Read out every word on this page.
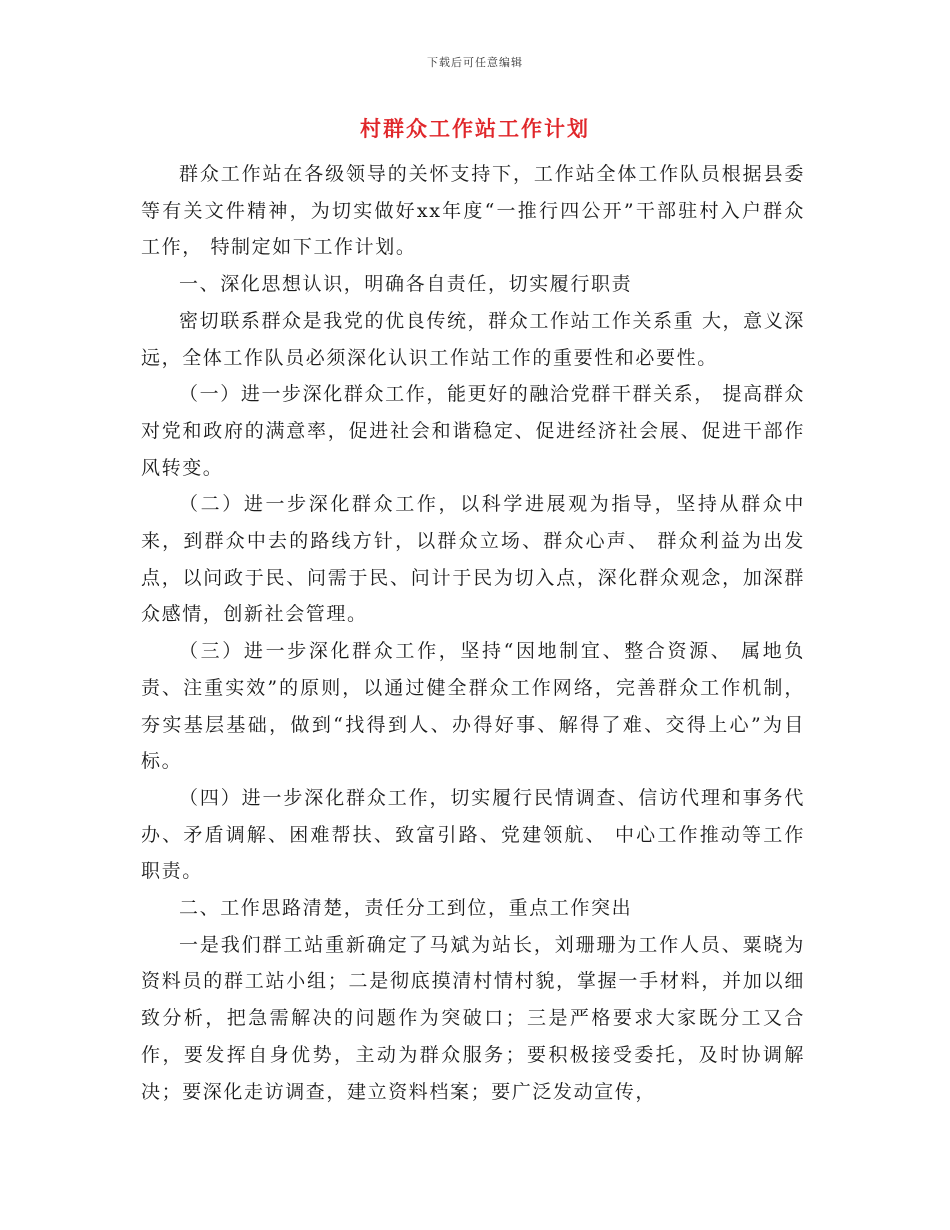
下载后可任意编辑
村群众工作站工作计划

群众工作站在各级领导的关怀支持下，工作站全体工作队员根据县委等有关文件精神，为切实做好xx年度“一推行四公开”干部驻村入户群众工作， 特制定如下工作计划。

一、深化思想认识，明确各自责任，切实履行职责

密切联系群众是我党的优良传统，群众工作站工作关系重 大，意义深远，全体工作队员必须深化认识工作站工作的重要性和必要性。

（一）进一步深化群众工作，能更好的融洽党群干群关系， 提高群众对党和政府的满意率，促进社会和谐稳定、促进经济社会展、促进干部作风转变。

（二）进一步深化群众工作，以科学进展观为指导，坚持从群众中来，到群众中去的路线方针，以群众立场、群众心声、 群众利益为出发点，以问政于民、问需于民、问计于民为切入点，深化群众观念，加深群众感情，创新社会管理。

（三）进一步深化群众工作，坚持“因地制宜、整合资源、 属地负责、注重实效”的原则，以通过健全群众工作网络，完善群众工作机制，夯实基层基础，做到“找得到人、办得好事、解得了难、交得上心”为目标。

（四）进一步深化群众工作，切实履行民情调查、信访代理和事务代办、矛盾调解、困难帮扶、致富引路、党建领航、 中心工作推动等工作职责。

二、工作思路清楚，责任分工到位，重点工作突出

一是我们群工站重新确定了马斌为站长，刘珊珊为工作人员、粟晓为资料员的群工站小组；二是彻底摸清村情村貌，掌握一手材料，并加以细致分析，把急需解决的问题作为突破口；三是严格要求大家既分工又合作，要发挥自身优势，主动为群众服务；要积极接受委托，及时协调解决；要深化走访调查，建立资料档案；要广泛发动宣传，
